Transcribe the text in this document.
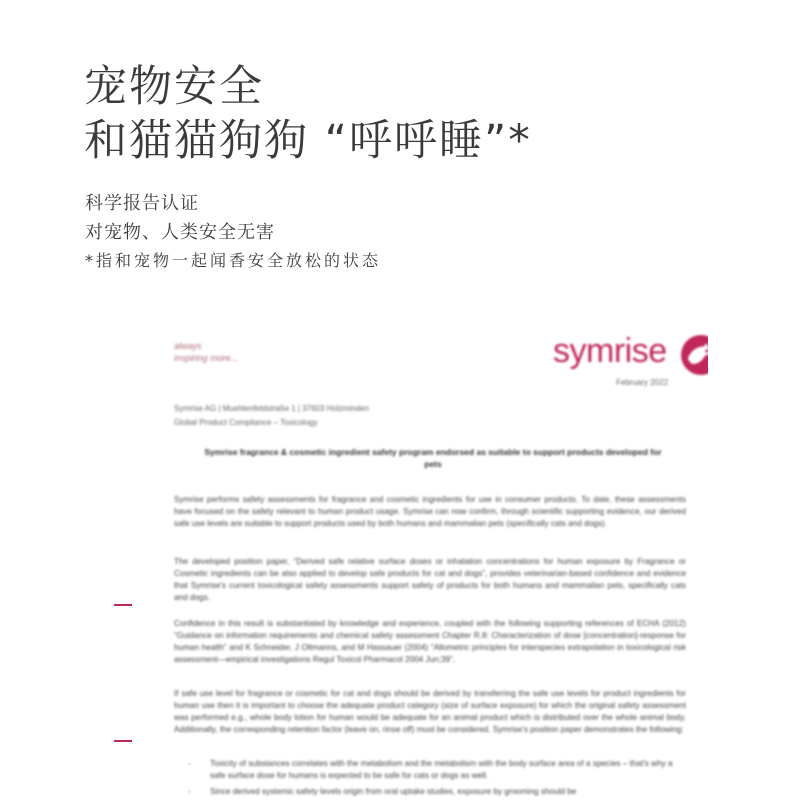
宠物安全
和猫猫狗狗 “呼呼睡”*
科学报告认证
对宠物、人类安全无害
*指和宠物一起闻香安全放松的状态
always
inspiring more...	symrise
February 2022
Symrise AG | Muehlenfeldstraße 1 | 37603 Holzminden
Global Product Compliance – Toxicology
Symrise fragrance & cosmetic ingredient safety program endorsed as suitable to support products developed for pets
Symrise performs safety assessments for fragrance and cosmetic ingredients for use in consumer products. To date, these assessments have focused on the safety relevant to human product usage. Symrise can now confirm, through scientific supporting evidence, our derived safe use levels are suitable to support products used by both humans and mammalian pets (specifically cats and dogs).
The developed position paper, “Derived safe relative surface doses or inhalation concentrations for human exposure by Fragrance or Cosmetic ingredients can be also applied to develop safe products for cat and dogs”, provides veterinarian-based confidence and evidence that Symrise's current toxicological safety assessments support safety of products for both humans and mammalian pets, specifically cats and dogs.
Confidence in this result is substantiated by knowledge and experience, coupled with the following supporting references of ECHA (2012) “Guidance on information requirements and chemical safety assessment Chapter R.8: Characterization of dose [concentration]-response for human health” and K Schneider, J Oltmanns, and M Hassauer (2004) “Allometric principles for interspecies extrapolation in toxicological risk assessment—empirical investigations Regul Toxicol Pharmacol 2004 Jun;39”.
If safe use level for fragrance or cosmetic for cat and dogs should be derived by transferring the safe use levels for product ingredients for human use then it is important to choose the adequate product category (size of surface exposure) for which the original safety assessment was performed e.g., whole body lotion for human would be adequate for an animal product which is distributed over the whole animal body. Additionally, the corresponding retention factor (leave on, rinse off) must be considered. Symrise's position paper demonstrates the following:
- Toxicity of substances correlates with the metabolism and the metabolism with the body surface area of a species – that's why a safe surface dose for humans is expected to be safe for cats or dogs as well.
- Since derived systemic safety levels origin from oral uptake studies, exposure by grooming should be
